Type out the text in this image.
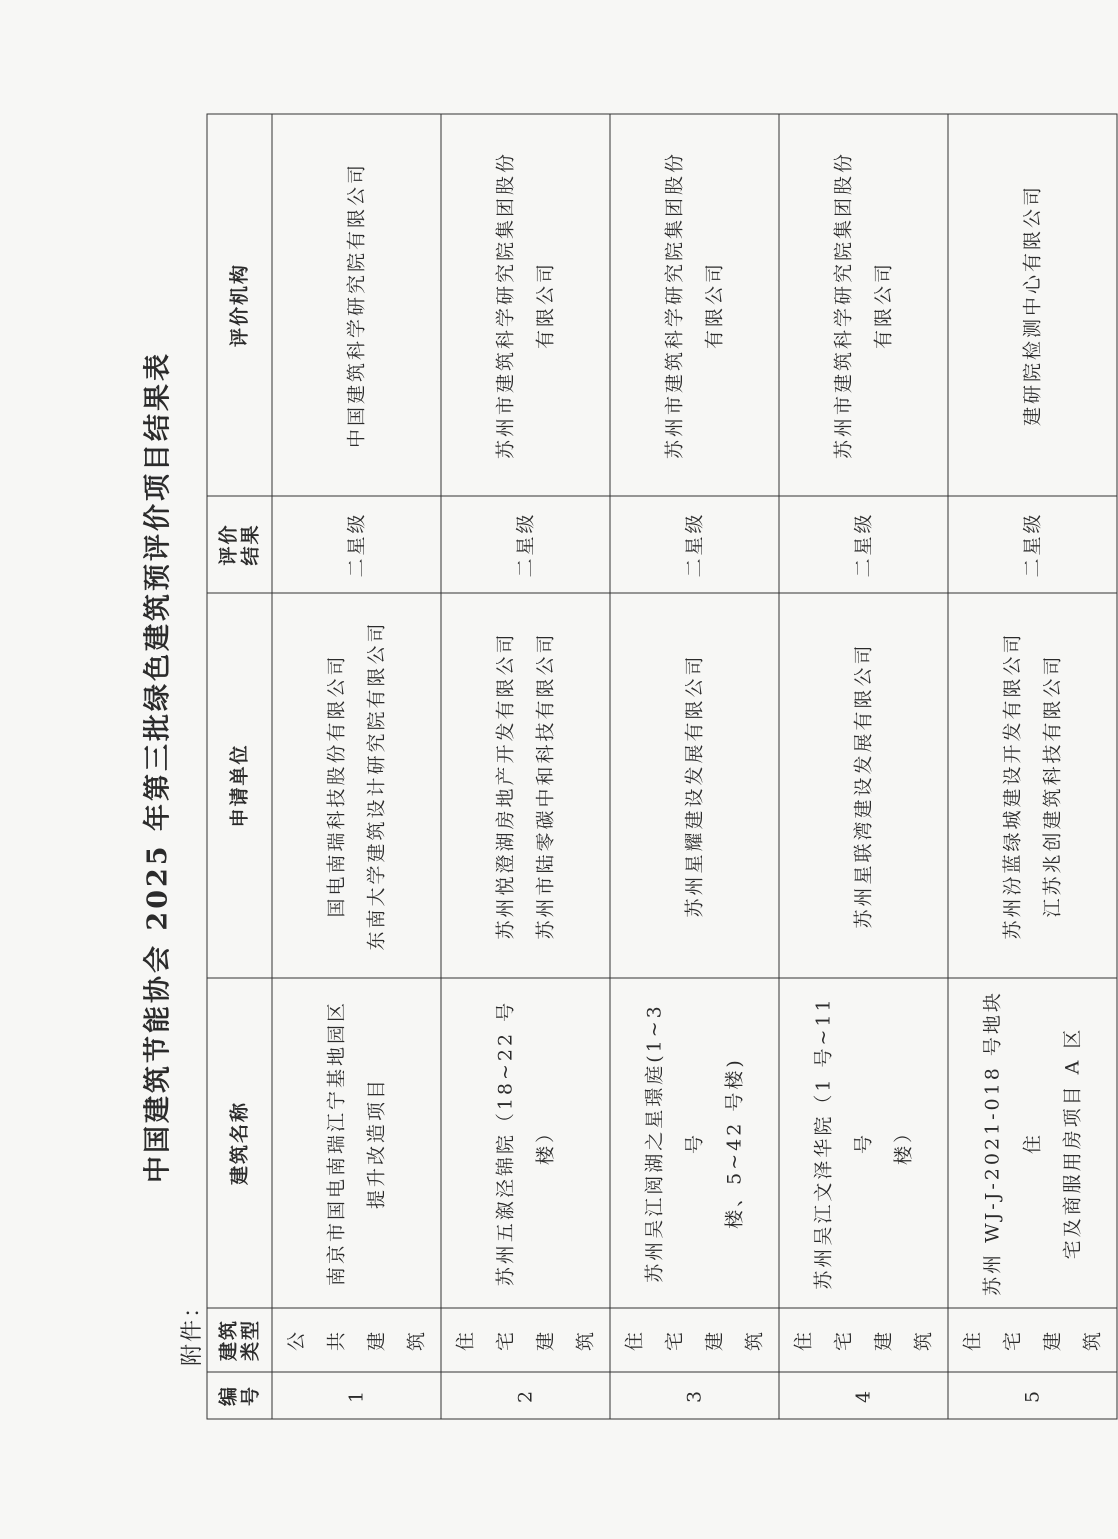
附件：
中国建筑节能协会 2025 年第三批绿色建筑预评价项目结果表
编 号	建筑 类型	建筑名称	申请单位	评价 结果	评价机构
1	公共 建筑	南京市国电南瑞江宁基地园区 提升改造项目	国电南瑞科技股份有限公司 东南大学建筑设计研究院有限公司	二星级	中国建筑科学研究院有限公司

2	住宅 建筑	苏州五溆泾锦院（18~22 号楼）	苏州悦澄湖房地产开发有限公司 苏州市陆零碳中和科技有限公司	二星级	苏州市建筑科学研究院集团股份 有限公司

3	住宅 建筑	苏州吴江阅湖之星璟庭(1~3 号 楼、5~42 号楼)	苏州星耀建设发展有限公司	二星级	苏州市建筑科学研究院集团股份 有限公司

4	住宅 建筑	苏州吴江文泽华院（1 号~11 号 楼）	苏州星联湾建设发展有限公司	二星级	苏州市建筑科学研究院集团股份 有限公司

5	住宅 建筑	苏州 WJ-J-2021-018 号地块住 宅及商服用房项目 A 区	苏州汾蓝绿城建设开发有限公司 江苏兆创建筑科技有限公司	二星级	建研院检测中心有限公司
